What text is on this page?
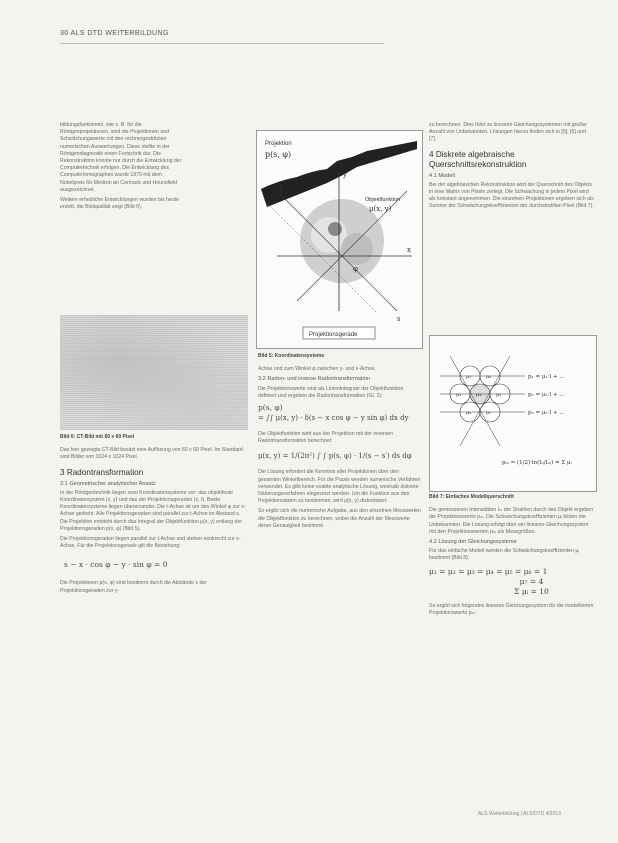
30 ALS DTD WEITERBILDUNG

bildungsfunktionen, wie z. B. für die Röntgenprojektionen, sind die Projektionen und Schwächungswerte mit den rechnergestützten numerischen Auswertungen. Diese stellte in der Röntgendiagnostik einen Fortschritt dar. Die Rekonstruktion konnte nur durch die Entwicklung der Computertechnik erfolgen. Die Entwicklung des Computertomographen wurde 1979 mit dem Nobelpreis für Medizin an Cormack und Hounsfield ausgezeichnet.

Weitere erhebliche Entwicklungen wurden bis heute erzielt, die Bildqualität zeigt (Bild 6).

Bild 6: CT-Bild mit 60 x 60 Pixel

Das hier gezeigte CT-Bild besitzt eine Auflösung von 60 x 60 Pixel. Im Standard sind Bilder von 1024 x 1024 Pixel.

3 Radontransformation
3.1 Geometrischer analytischer Ansatz

In der Röntgentechnik liegen zwei Koordinatensysteme vor: das objektfeste Koordinatensystem (x, y) und das der Projektionsgeraden (s, t). Beide Koordinatensysteme liegen übereinander. Die t-Achse ist um den Winkel φ zur x-Achse gedreht. Alle Projektionsgeraden sind parallel zur t-Achse im Abstand s. Die Projektion entsteht durch das Integral der Objektfunktion μ(x, y) entlang der Projektionsgeraden p(s, φ) (Bild 5).

Die Projektionsgeraden liegen parallel zur t-Achse und stehen senkrecht zur s-Achse. Für die Projektionsgerade gilt die Beziehung:

s − x · cos φ − y · sin φ = 0

Die Projektionen p(s, φ) sind bestimmt durch die Abstände s der Projektionsgeraden zur y-

Projektion
p(s, φ)
y
x
s
t
φ
Objektfunktion
μ(x, y)
Projektionsgerade
Bild 5: Koordinatensysteme

Achse und zum Winkel φ zwischen y- und x-Achse.

3.2 Radon- und inverse Radontransformation

Die Projektionswerte sind als Linienintegrale der Objektfunktion definiert und ergeben die Radontransformation (Gl. 2):

p(s, φ)
= ∫∫ μ(x, y) · δ(s − x cos φ − y sin φ) dx dy

Die Objektfunktion wird aus der Projektion mit der inversen Radontransformation berechnet:

μ(x, y) = 1/(2π²) ∫ ∫ p(s, φ) · 1/(s − s′) ds dφ

Die Lösung erfordert die Kenntnis aller Projektionen über den gesamten Winkelbereich. Für die Praxis werden numerische Verfahren verwendet. Es gibt keine exakte analytische Lösung, weshalb diskrete Näherungsverfahren eingesetzt werden. Um die Funktion aus den Projektionsdaten zu bestimmen, wird μ(x, y) diskretisiert.

So ergibt sich die numerische Aufgabe, aus den einzelnen Messwerten die Objektfunktion zu berechnen, wobei die Anzahl der Messwerte deren Genauigkeit bestimmt.

zu berechnen. Dies führt zu linearen Gleichungssystemen mit großer Anzahl von Unbekannten. Lösungen hierzu finden sich in [5], [6] und [7].

4 Diskrete algebraische Querschnittsrekonstruktion
4.1 Modell

Bei der algebraischen Rekonstruktion wird der Querschnitt des Objekts in eine Matrix von Pixeln zerlegt. Die Schwächung in jedem Pixel wird als konstant angenommen. Die einzelnen Projektionen ergeben sich als Summe der Schwächungskoeffizienten der durchstrahlten Pixel (Bild 7).

μ₁	μ₂
μ₃	μ₄	μ₅
μ₆	μ₇
p₁ = μ₁·l + ...
p₂ = μ₃·l + ...
p₃ = μ₅·l + ...
pₘ = (1/2)·ln(I₀/Iₘ) = Σ μᵢ
Bild 7: Einfaches Modellquerschnitt

Die gemessenen Intensitäten Iₘ der Strahlen durch das Objekt ergeben die Projektionswerte pₘ. Die Schwächungskoeffizienten μᵢ bilden die Unbekannten. Die Lösung erfolgt über ein lineares Gleichungssystem mit den Projektionswerten pₘ als Messgrößen.

4.2 Lösung der Gleichungssysteme

Für das einfache Modell werden die Schwächungskoeffizienten μᵢ bestimmt (Bild 8):

μ₁ = μ₂ = μ₃ = μ₄ = μ₅ = μ₆ = 1
μ₇ = 4
Σ μᵢ = 10

So ergibt sich folgendes lineares Gleichungssystem für die modellierten Projektionswerte pₘ:

ALS Weiterbildung | ALS/DTD 4/2013
